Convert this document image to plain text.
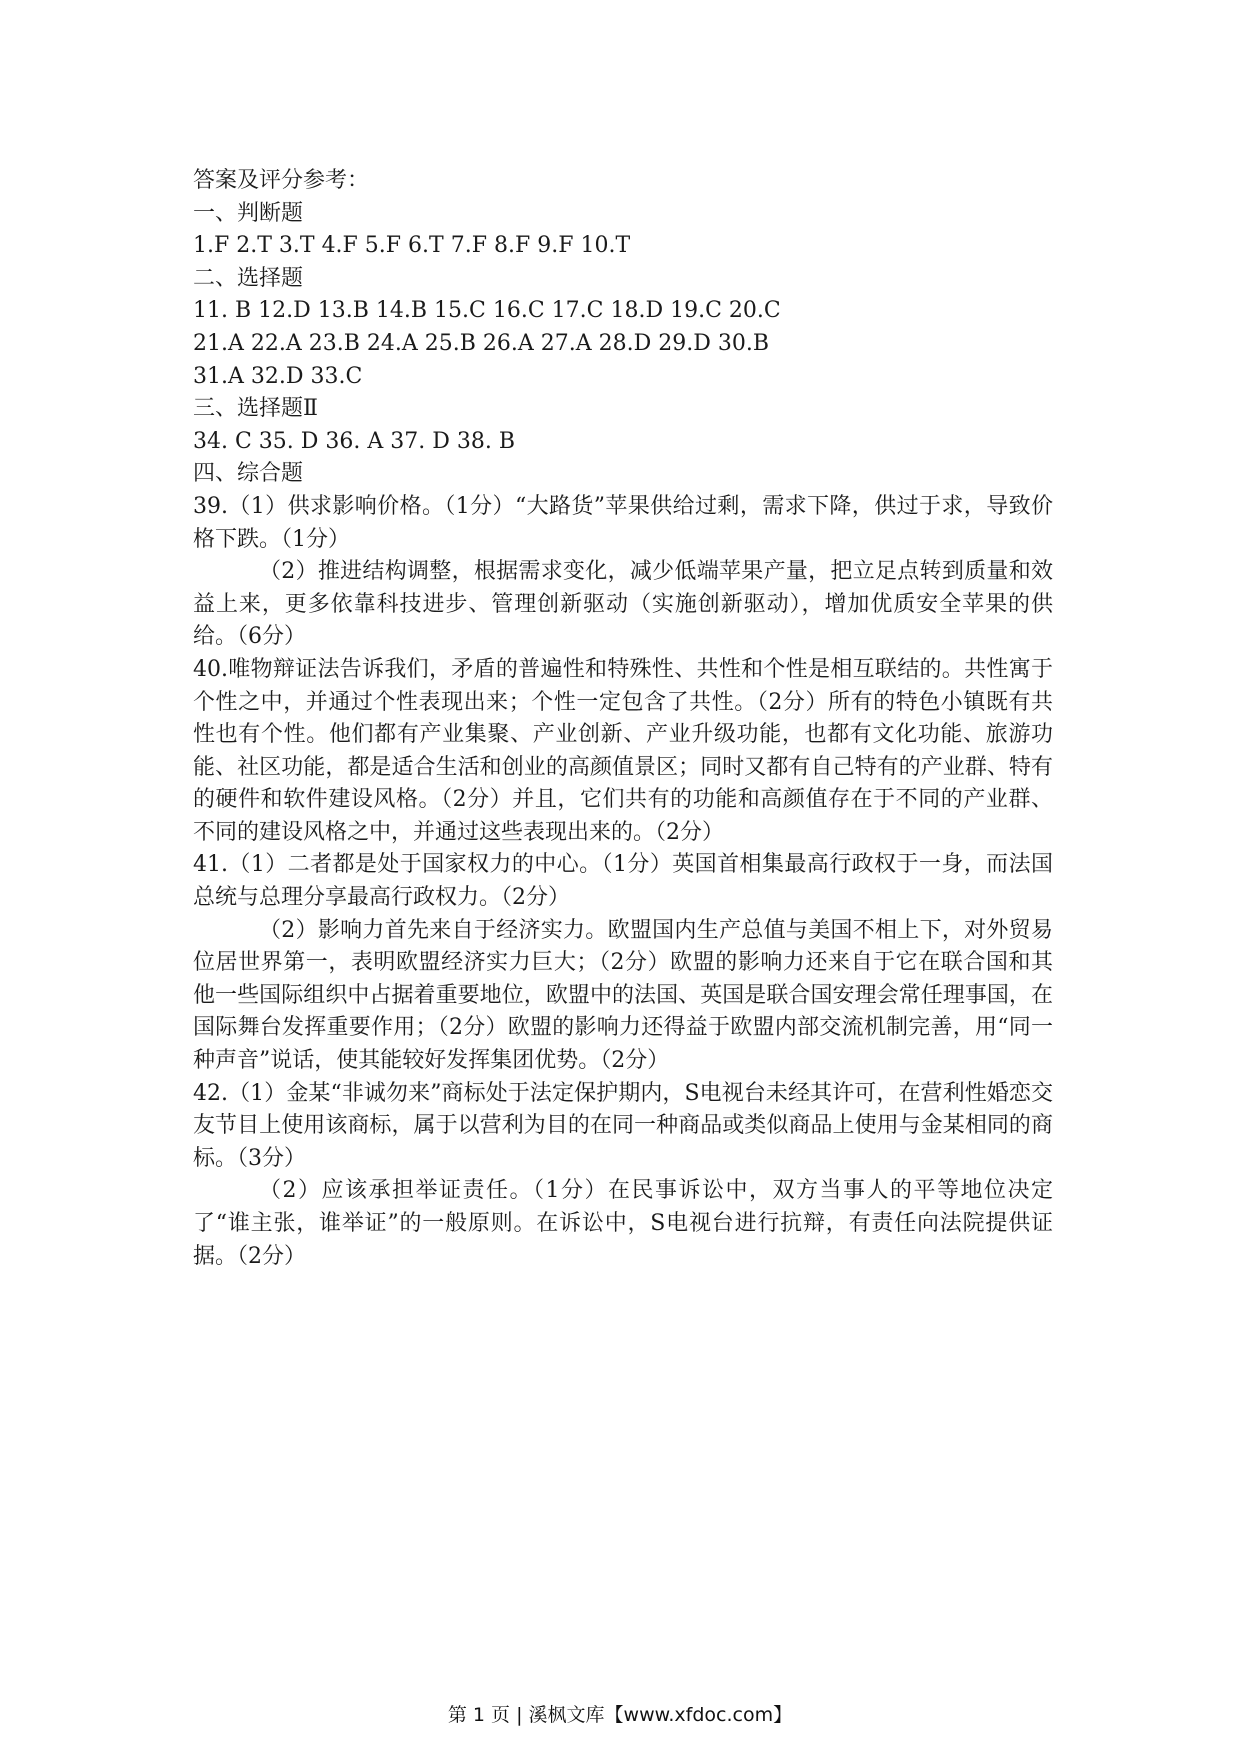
答案及评分参考：
一、判断题
1.F 2.T 3.T 4.F 5.F 6.T 7.F 8.F 9.F 10.T
二、选择题
11. B 12.D 13.B 14.B 15.C 16.C 17.C 18.D 19.C 20.C
21.A 22.A 23.B 24.A 25.B 26.A 27.A 28.D 29.D 30.B
31.A 32.D 33.C
三、选择题Ⅱ
34. C 35. D 36. A 37. D 38. B
四、综合题

39.（1）供求影响价格。（1分）“大路货”苹果供给过剩，需求下降，供过于求，导致价格下跌。（1分）

（2）推进结构调整，根据需求变化，减少低端苹果产量，把立足点转到质量和效益上来，更多依靠科技进步、管理创新驱动（实施创新驱动），增加优质安全苹果的供给。（6分）

40.唯物辩证法告诉我们，矛盾的普遍性和特殊性、共性和个性是相互联结的。共性寓于个性之中，并通过个性表现出来；个性一定包含了共性。（2分）所有的特色小镇既有共性也有个性。他们都有产业集聚、产业创新、产业升级功能，也都有文化功能、旅游功能、社区功能，都是适合生活和创业的高颜值景区；同时又都有自己特有的产业群、特有的硬件和软件建设风格。（2分）并且，它们共有的功能和高颜值存在于不同的产业群、不同的建设风格之中，并通过这些表现出来的。（2分）

41.（1）二者都是处于国家权力的中心。（1分）英国首相集最高行政权于一身，而法国总统与总理分享最高行政权力。（2分）

（2）影响力首先来自于经济实力。欧盟国内生产总值与美国不相上下，对外贸易位居世界第一，表明欧盟经济实力巨大；（2分）欧盟的影响力还来自于它在联合国和其他一些国际组织中占据着重要地位，欧盟中的法国、英国是联合国安理会常任理事国，在国际舞台发挥重要作用；（2分）欧盟的影响力还得益于欧盟内部交流机制完善，用“同一种声音”说话，使其能较好发挥集团优势。（2分）

42.（1）金某“非诚勿来”商标处于法定保护期内，S电视台未经其许可，在营利性婚恋交友节目上使用该商标，属于以营利为目的在同一种商品或类似商品上使用与金某相同的商标。（3分）

（2）应该承担举证责任。（1分）在民事诉讼中，双方当事人的平等地位决定了“谁主张，谁举证”的一般原则。在诉讼中，S电视台进行抗辩，有责任向法院提供证据。（2分）

第 1 页 | 溪枫文库【www.xfdoc.com】
